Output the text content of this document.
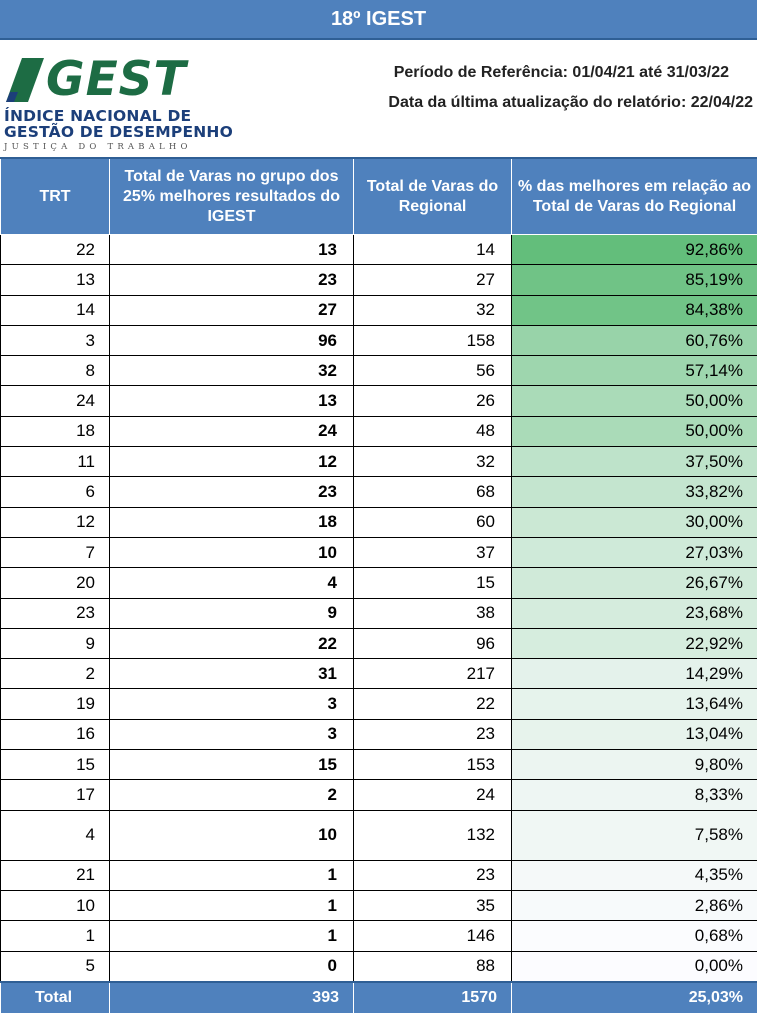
18º IGEST
GEST
ÍNDICE NACIONAL DE
GESTÃO DE DESEMPENHO
JUSTIÇA DO TRABALHO
Período de Referência: 01/04/21 até 31/03/22
Data da última atualização do relatório: 22/04/22
TRT	Total de Varas no grupo dos 25% melhores resultados do IGEST	Total de Varas do Regional	% das melhores em relação ao Total de Varas do Regional
22	13	14	92,86%
13	23	27	85,19%
14	27	32	84,38%
3	96	158	60,76%
8	32	56	57,14%
24	13	26	50,00%
18	24	48	50,00%
11	12	32	37,50%
6	23	68	33,82%
12	18	60	30,00%
7	10	37	27,03%
20	4	15	26,67%
23	9	38	23,68%
9	22	96	22,92%
2	31	217	14,29%
19	3	22	13,64%
16	3	23	13,04%
15	15	153	9,80%
17	2	24	8,33%
4	10	132	7,58%
21	1	23	4,35%
10	1	35	2,86%
1	1	146	0,68%
5	0	88	0,00%
Total	393	1570	25,03%
